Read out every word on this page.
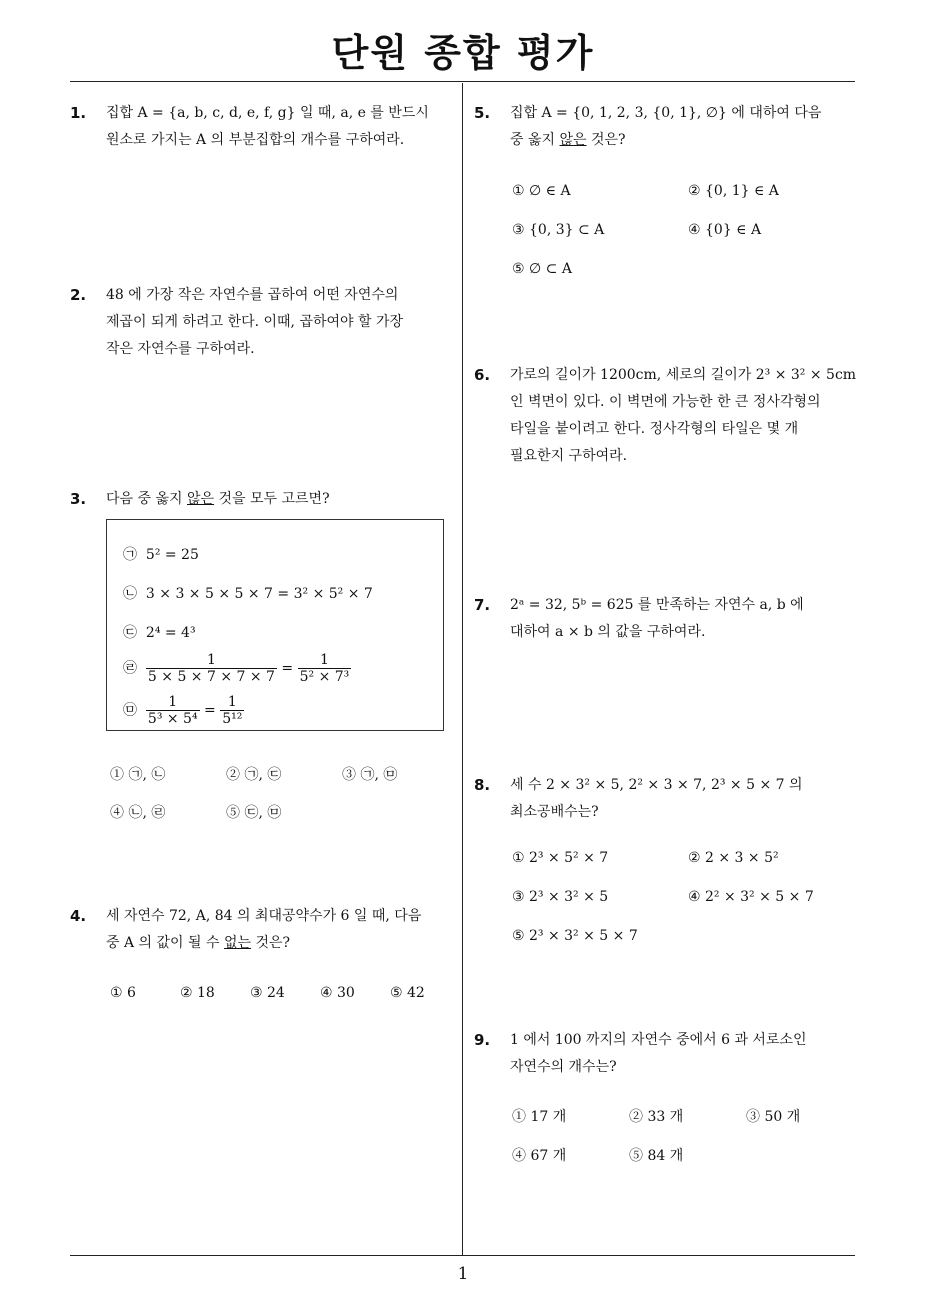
단원 종합 평가
1
1. 집합 A = {a, b, c, d, e, f, g} 일 때, a, e 를 반드시
원소로 가지는 A 의 부분집합의 개수를 구하여라.
2. 48 에 가장 작은 자연수를 곱하여 어떤 자연수의
제곱이 되게 하려고 한다. 이때, 곱하여야 할 가장
작은 자연수를 구하여라.
3. 다음 중 옳지 않은 것을 모두 고르면?
㉠ 5² = 25
㉡ 3 × 3 × 5 × 5 × 7 = 3² × 5² × 7
㉢ 2⁴ = 4³
㉣ $\frac{1}{5 \times 5 \times 7 \times 7 \times 7} = \frac{1}{\text{5² × 7³}}$
㉤ $\frac{1}{\text{5³ × 5⁴}} = \frac{1}{\text{5¹²}}$
① ㉠, ㉡	② ㉠, ㉢	③ ㉠, ㉤
④ ㉡, ㉣	⑤ ㉢, ㉤
4. 세 자연수 72, A, 84 의 최대공약수가 6 일 때, 다음
중 A 의 값이 될 수 없는 것은?
① 6	② 18	③ 24	④ 30	⑤ 42
5. 집합 A = {0, 1, 2, 3, {0, 1}, ∅} 에 대하여 다음
중 옳지 않은 것은?
① ∅ ∈ A	② {0, 1} ∈ A
③ {0, 3} ⊂ A	④ {0} ∈ A
⑤ ∅ ⊂ A
6. 가로의 길이가 1200cm, 세로의 길이가 2³ × 3² × 5cm
인 벽면이 있다. 이 벽면에 가능한 한 큰 정사각형의
타일을 붙이려고 한다. 정사각형의 타일은 몇 개
필요한지 구하여라.
7. 2ᵃ = 32, 5ᵇ = 625 를 만족하는 자연수 a, b 에
대하여 a × b 의 값을 구하여라.
8. 세 수 2 × 3² × 5, 2² × 3 × 7, 2³ × 5 × 7 의
최소공배수는?
① 2³ × 5² × 7	② 2 × 3 × 5²
③ 2³ × 3² × 5	④ 2² × 3² × 5 × 7
⑤ 2³ × 3² × 5 × 7
9. 1 에서 100 까지의 자연수 중에서 6 과 서로소인
자연수의 개수는?
① 17 개	② 33 개	③ 50 개
④ 67 개	⑤ 84 개
